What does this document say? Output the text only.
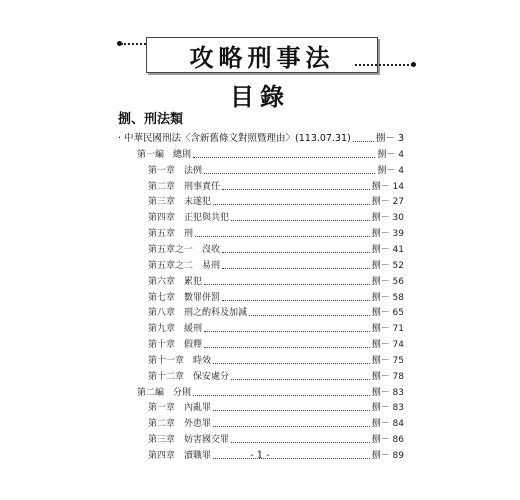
攻略刑事法
目錄
捌、刑法類
‧ 中華民國刑法〈含新舊條文對照暨理由〉(113.07.31)	捌－ 3
第一編　總則	捌－ 4
第一章　法例	捌－ 4
第二章　刑事責任	捌－ 14
第三章　未遂犯	捌－ 27
第四章　正犯與共犯	捌－ 30
第五章　刑	捌－ 39
第五章之一　沒收	捌－ 41
第五章之二　易刑	捌－ 52
第六章　累犯	捌－ 56
第七章　數罪併罰	捌－ 58
第八章　刑之酌科及加減	捌－ 65
第九章　緩刑	捌－ 71
第十章　假釋	捌－ 74
第十一章　時效	捌－ 75
第十二章　保安處分	捌－ 78
第二編　分則	捌－ 83
第一章　內亂罪	捌－ 83
第二章　外患罪	捌－ 84
第三章　妨害國交罪	捌－ 86
第四章　瀆職罪	捌－ 89
- 1 -
